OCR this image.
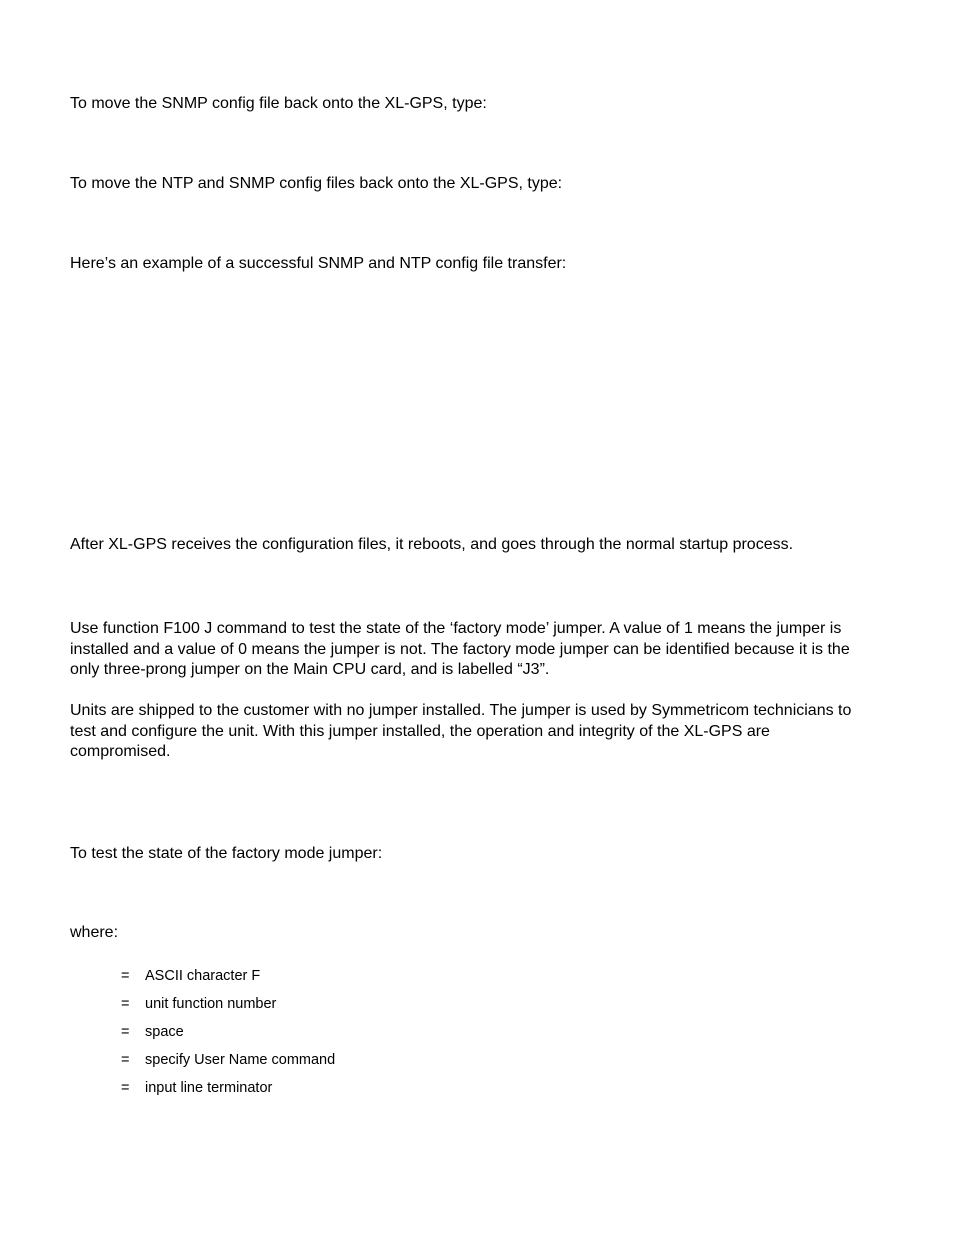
To move the SNMP config file back onto the XL-GPS, type:

To move the NTP and SNMP config files back onto the XL-GPS, type:

Here’s an example of a successful SNMP and NTP config file transfer:

After XL-GPS receives the configuration files, it reboots, and goes through the normal startup process.

Use function F100 J command to test the state of the ‘factory mode’ jumper. A value of 1 means the jumper is installed and a value of 0 means the jumper is not. The factory mode jumper can be identified because it is the only three-prong jumper on the Main CPU card, and is labelled “J3”.

Units are shipped to the customer with no jumper installed. The jumper is used by Symmetricom technicians to test and configure the unit. With this jumper installed, the operation and integrity of the XL-GPS are compromised.

To test the state of the factory mode jumper:

where:

= ASCII character F
= unit function number
= space
= specify User Name command
= input line terminator
